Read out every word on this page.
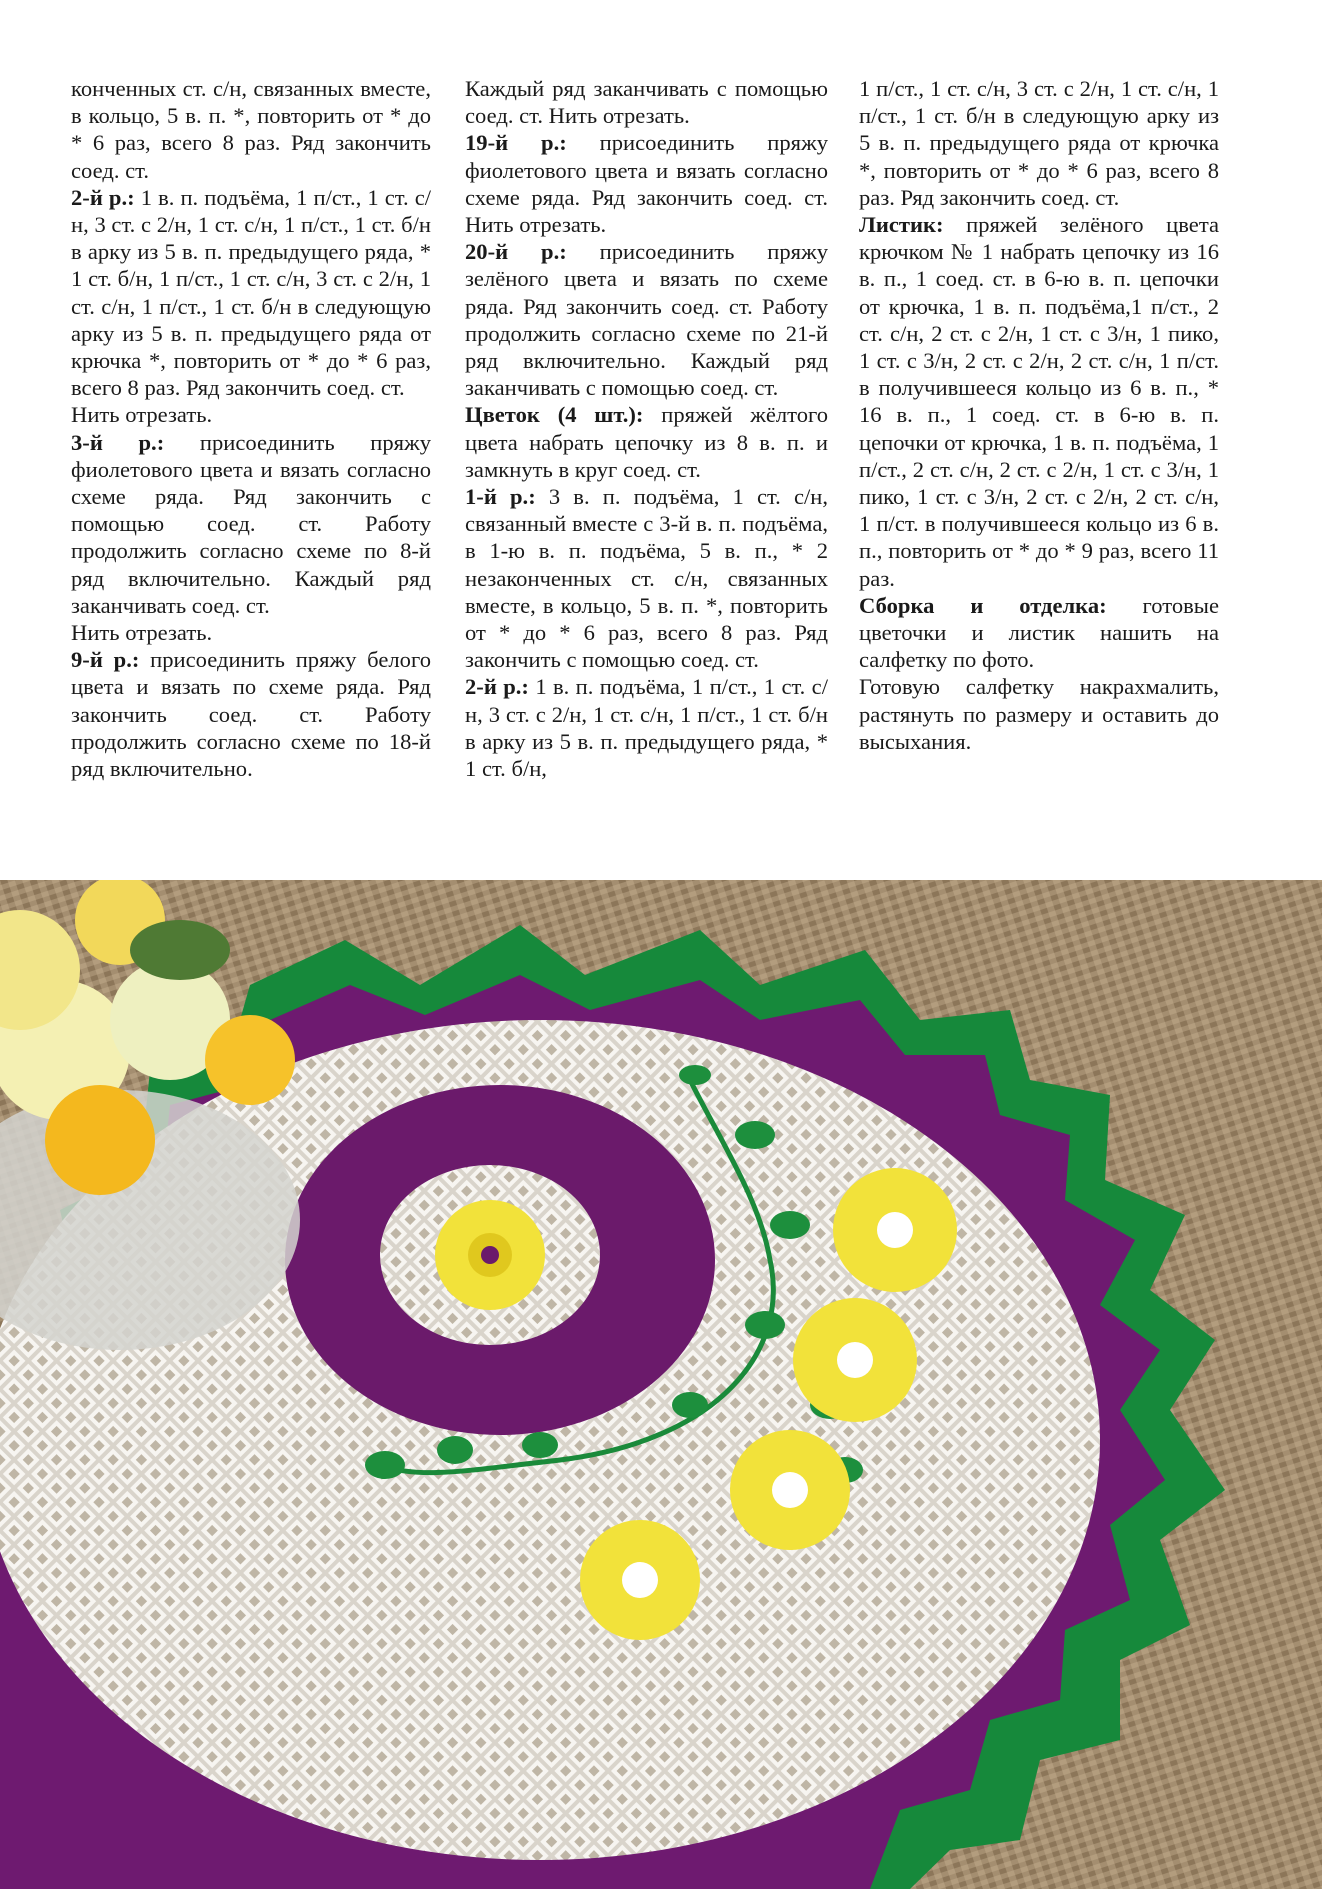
конченных ст. с/н, связанных вместе, в кольцо, 5 в. п. *, повторить от * до * 6 раз, всего 8 раз. Ряд закончить соед. ст.

2-й р.: 1 в. п. подъёма, 1 п/ст., 1 ст. с/н, 3 ст. с 2/н, 1 ст. с/н, 1 п/ст., 1 ст. б/н в арку из 5 в. п. предыдущего ряда, * 1 ст. б/н, 1 п/ст., 1 ст. с/н, 3 ст. с 2/н, 1 ст. с/н, 1 п/ст., 1 ст. б/н в следующую арку из 5 в. п. предыдущего ряда от крючка *, повторить от * до * 6 раз, всего 8 раз. Ряд закончить соед. ст.

Нить отрезать.

3-й р.: присоединить пряжу фиолетового цвета и вязать согласно схеме ряда. Ряд закончить с помощью соед. ст. Работу продолжить согласно схеме по 8-й ряд включительно. Каждый ряд заканчивать соед. ст.

Нить отрезать.

9-й р.: присоединить пряжу белого цвета и вязать по схеме ряда. Ряд закончить соед. ст. Работу продолжить согласно схеме по 18-й ряд включительно.

Каждый ряд заканчивать с помощью соед. ст. Нить отрезать.

19-й р.: присоединить пряжу фиолетового цвета и вязать согласно схеме ряда. Ряд закончить соед. ст. Нить отрезать.

20-й р.: присоединить пряжу зелёного цвета и вязать по схеме ряда. Ряд закончить соед. ст. Работу продолжить согласно схеме по 21-й ряд включительно. Каждый ряд заканчивать с помощью соед. ст.

Цветок (4 шт.): пряжей жёлтого цвета набрать цепочку из 8 в. п. и замкнуть в круг соед. ст.

1-й р.: 3 в. п. подъёма, 1 ст. с/н, связанный вместе с 3-й в. п. подъёма, в 1-ю в. п. подъёма, 5 в. п., * 2 незаконченных ст. с/н, связанных вместе, в кольцо, 5 в. п. *, повторить от * до * 6 раз, всего 8 раз. Ряд закончить с помощью соед. ст.

2-й р.: 1 в. п. подъёма, 1 п/ст., 1 ст. с/н, 3 ст. с 2/н, 1 ст. с/н, 1 п/ст., 1 ст. б/н в арку из 5 в. п. предыдущего ряда, * 1 ст. б/н,

1 п/ст., 1 ст. с/н, 3 ст. с 2/н, 1 ст. с/н, 1 п/ст., 1 ст. б/н в следующую арку из 5 в. п. предыдущего ряда от крючка *, повторить от * до * 6 раз, всего 8 раз. Ряд закончить соед. ст.

Листик: пряжей зелёного цвета крючком № 1 набрать цепочку из 16 в. п., 1 соед. ст. в 6-ю в. п. цепочки от крючка, 1 в. п. подъёма,1 п/ст., 2 ст. с/н, 2 ст. с 2/н, 1 ст. с 3/н, 1 пико, 1 ст. с 3/н, 2 ст. с 2/н, 2 ст. с/н, 1 п/ст. в получившееся кольцо из 6 в. п., * 16 в. п., 1 соед. ст. в 6-ю в. п. цепочки от крючка, 1 в. п. подъёма, 1 п/ст., 2 ст. с/н, 2 ст. с 2/н, 1 ст. с 3/н, 1 пико, 1 ст. с 3/н, 2 ст. с 2/н, 2 ст. с/н, 1 п/ст. в получившееся кольцо из 6 в. п., повторить от * до * 9 раз, всего 11 раз.

Сборка и отделка: готовые цветочки и листик нашить на салфетку по фото.

Готовую салфетку накрахмалить, растянуть по размеру и оставить до высыхания.
